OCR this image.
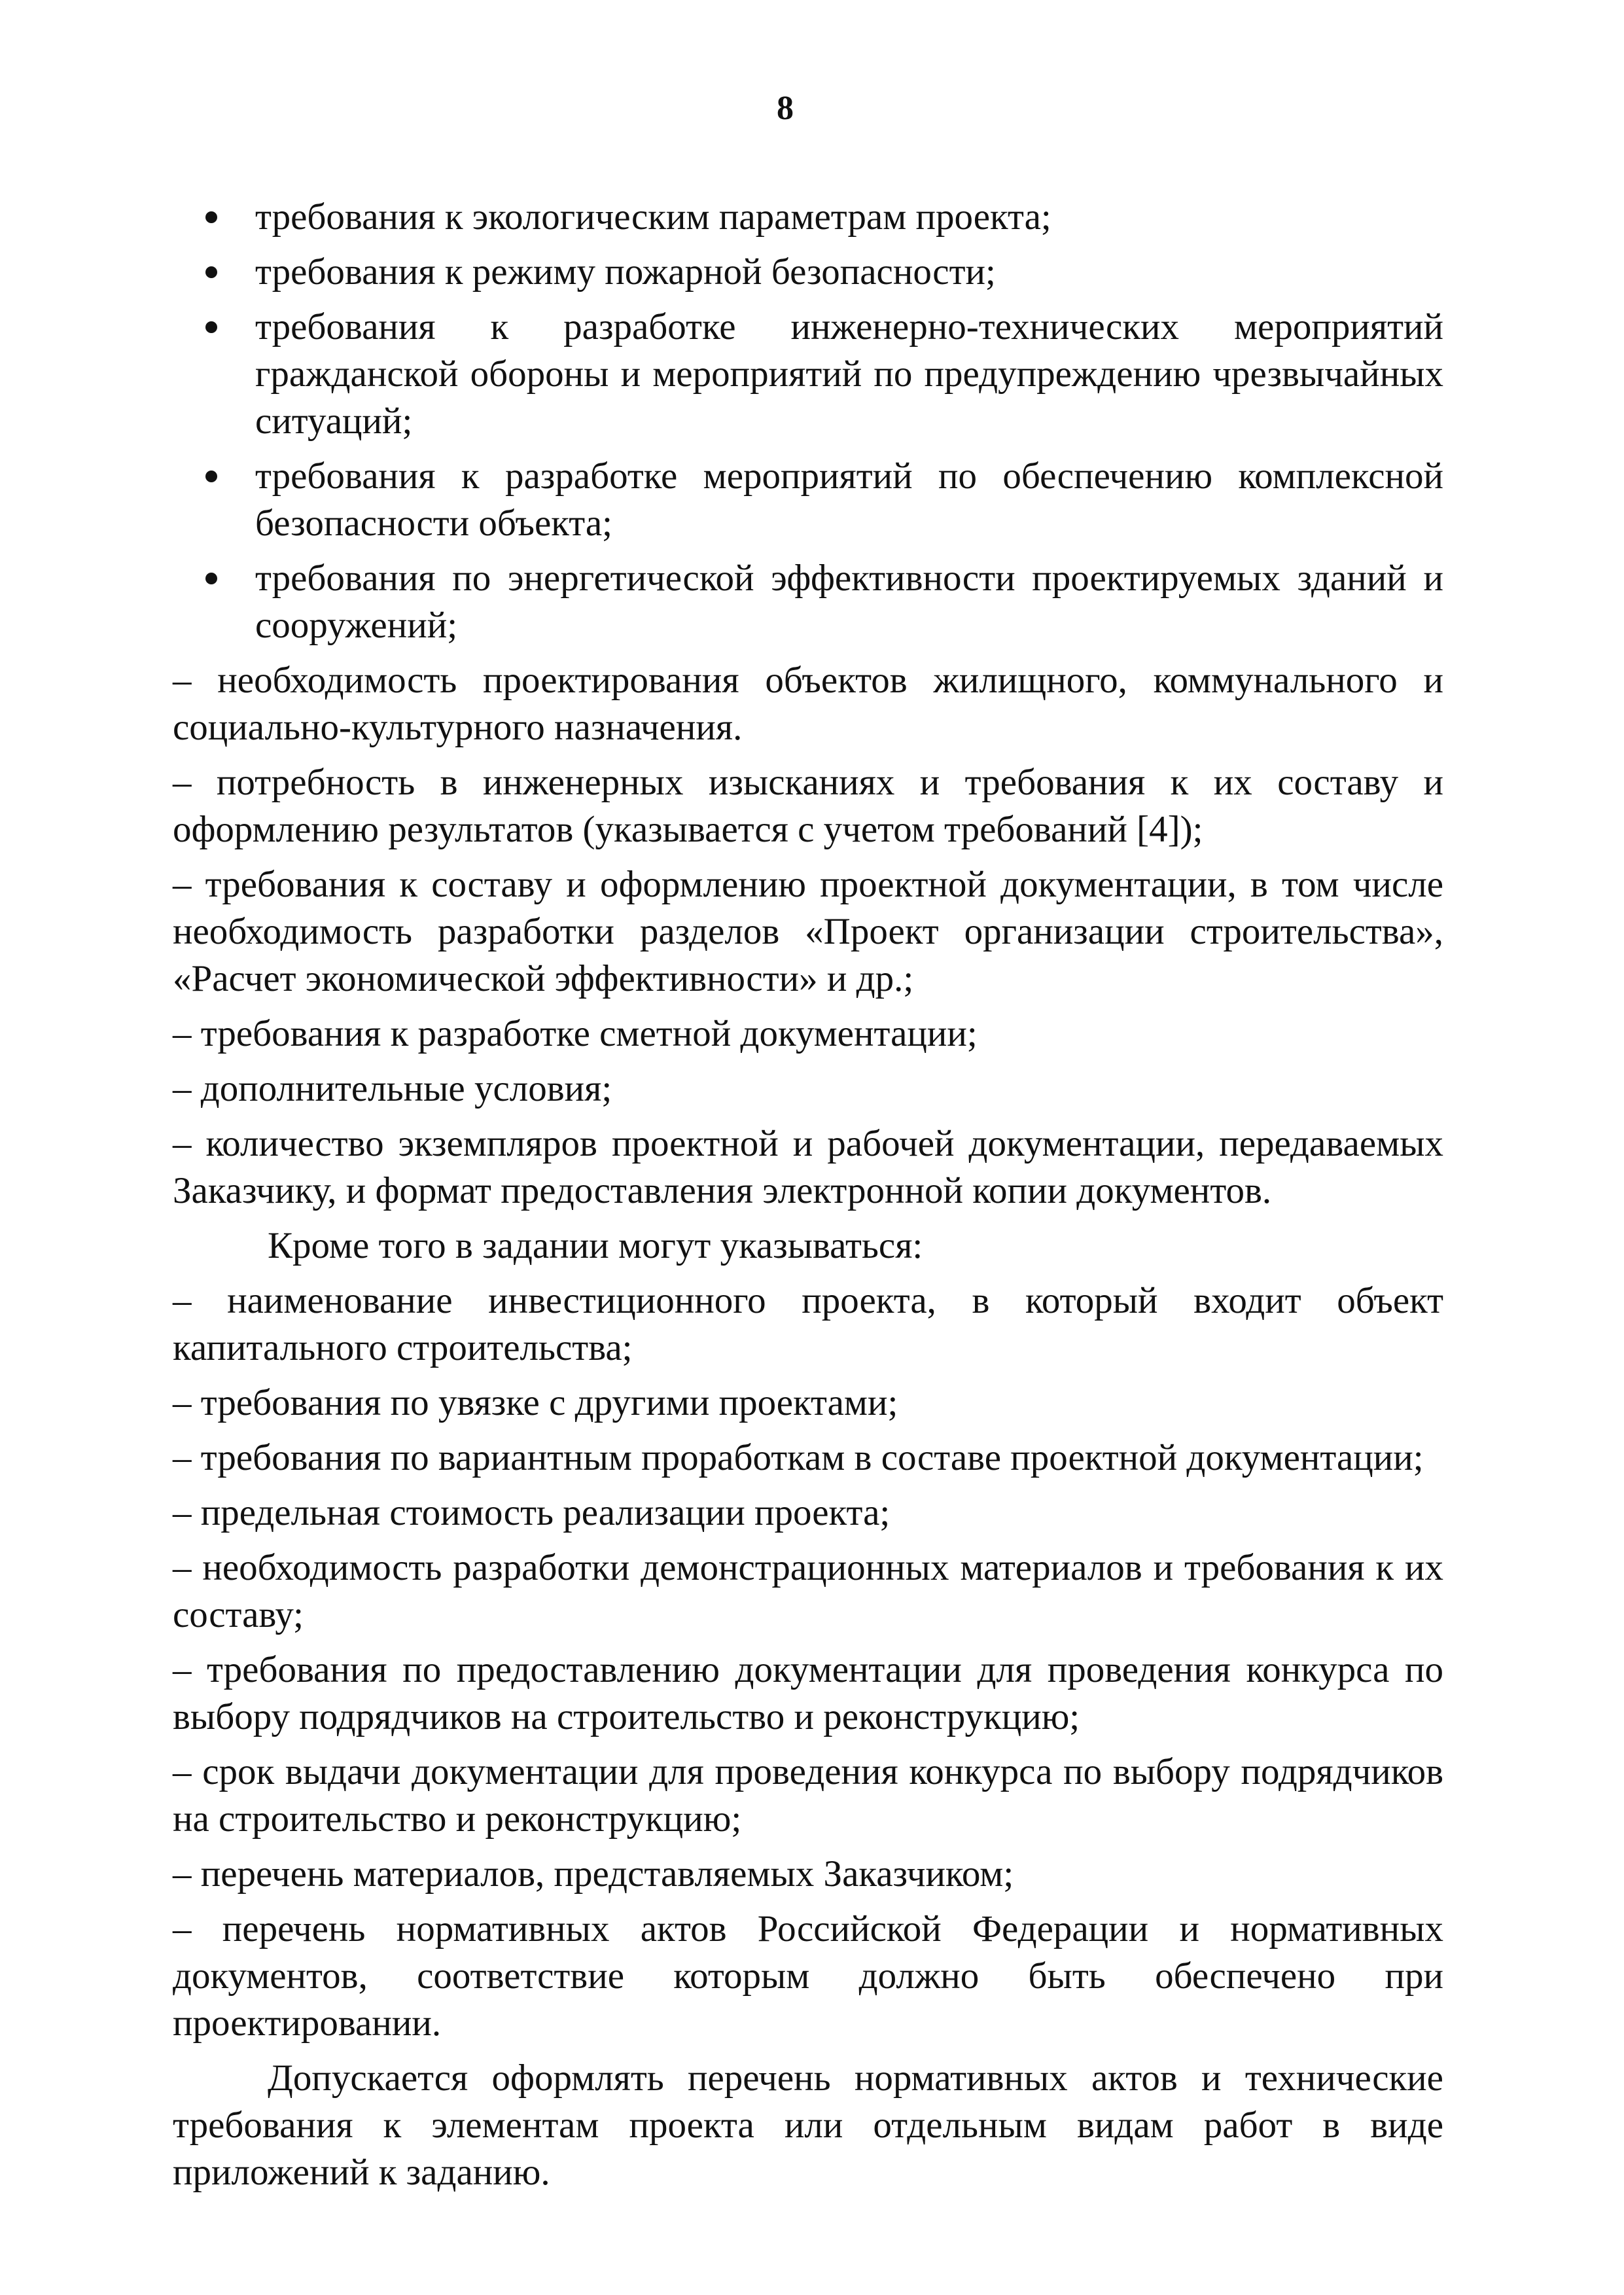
8
требования к экологическим параметрам проекта;
требования к режиму пожарной безопасности;
требования к разработке инженерно-технических мероприятий гражданской обороны и мероприятий по предупреждению чрезвычайных ситуаций;
требования к разработке мероприятий по обеспечению комплексной безопасности объекта;
требования по энергетической эффективности проектируемых зданий и сооружений;

– необходимость проектирования объектов жилищного, коммунального и социально-культурного назначения.

– потребность в инженерных изысканиях и требования к их составу и оформлению результатов (указывается с учетом требований [4]);

– требования к составу и оформлению проектной документации, в том числе необходимость разработки разделов «Проект организации строительства», «Расчет экономической эффективности» и др.;

– требования к разработке сметной документации;

– дополнительные условия;

– количество экземпляров проектной и рабочей документации, передаваемых Заказчику, и формат предоставления электронной копии документов.

Кроме того в задании могут указываться:

– наименование инвестиционного проекта, в который входит объект капитального строительства;

– требования по увязке с другими проектами;

– требования по вариантным проработкам в составе проектной документации;

– предельная стоимость реализации проекта;

– необходимость разработки демонстрационных материалов и требования к их составу;

– требования по предоставлению документации для проведения конкурса по выбору подрядчиков на строительство и реконструкцию;

– срок выдачи документации для проведения конкурса по выбору подрядчиков на строительство и реконструкцию;

– перечень материалов, представляемых Заказчиком;

– перечень нормативных актов Российской Федерации и нормативных документов, соответствие которым должно быть обеспечено при проектировании.

Допускается оформлять перечень нормативных актов и технические требования к элементам проекта или отдельным видам работ в виде приложений к заданию.
